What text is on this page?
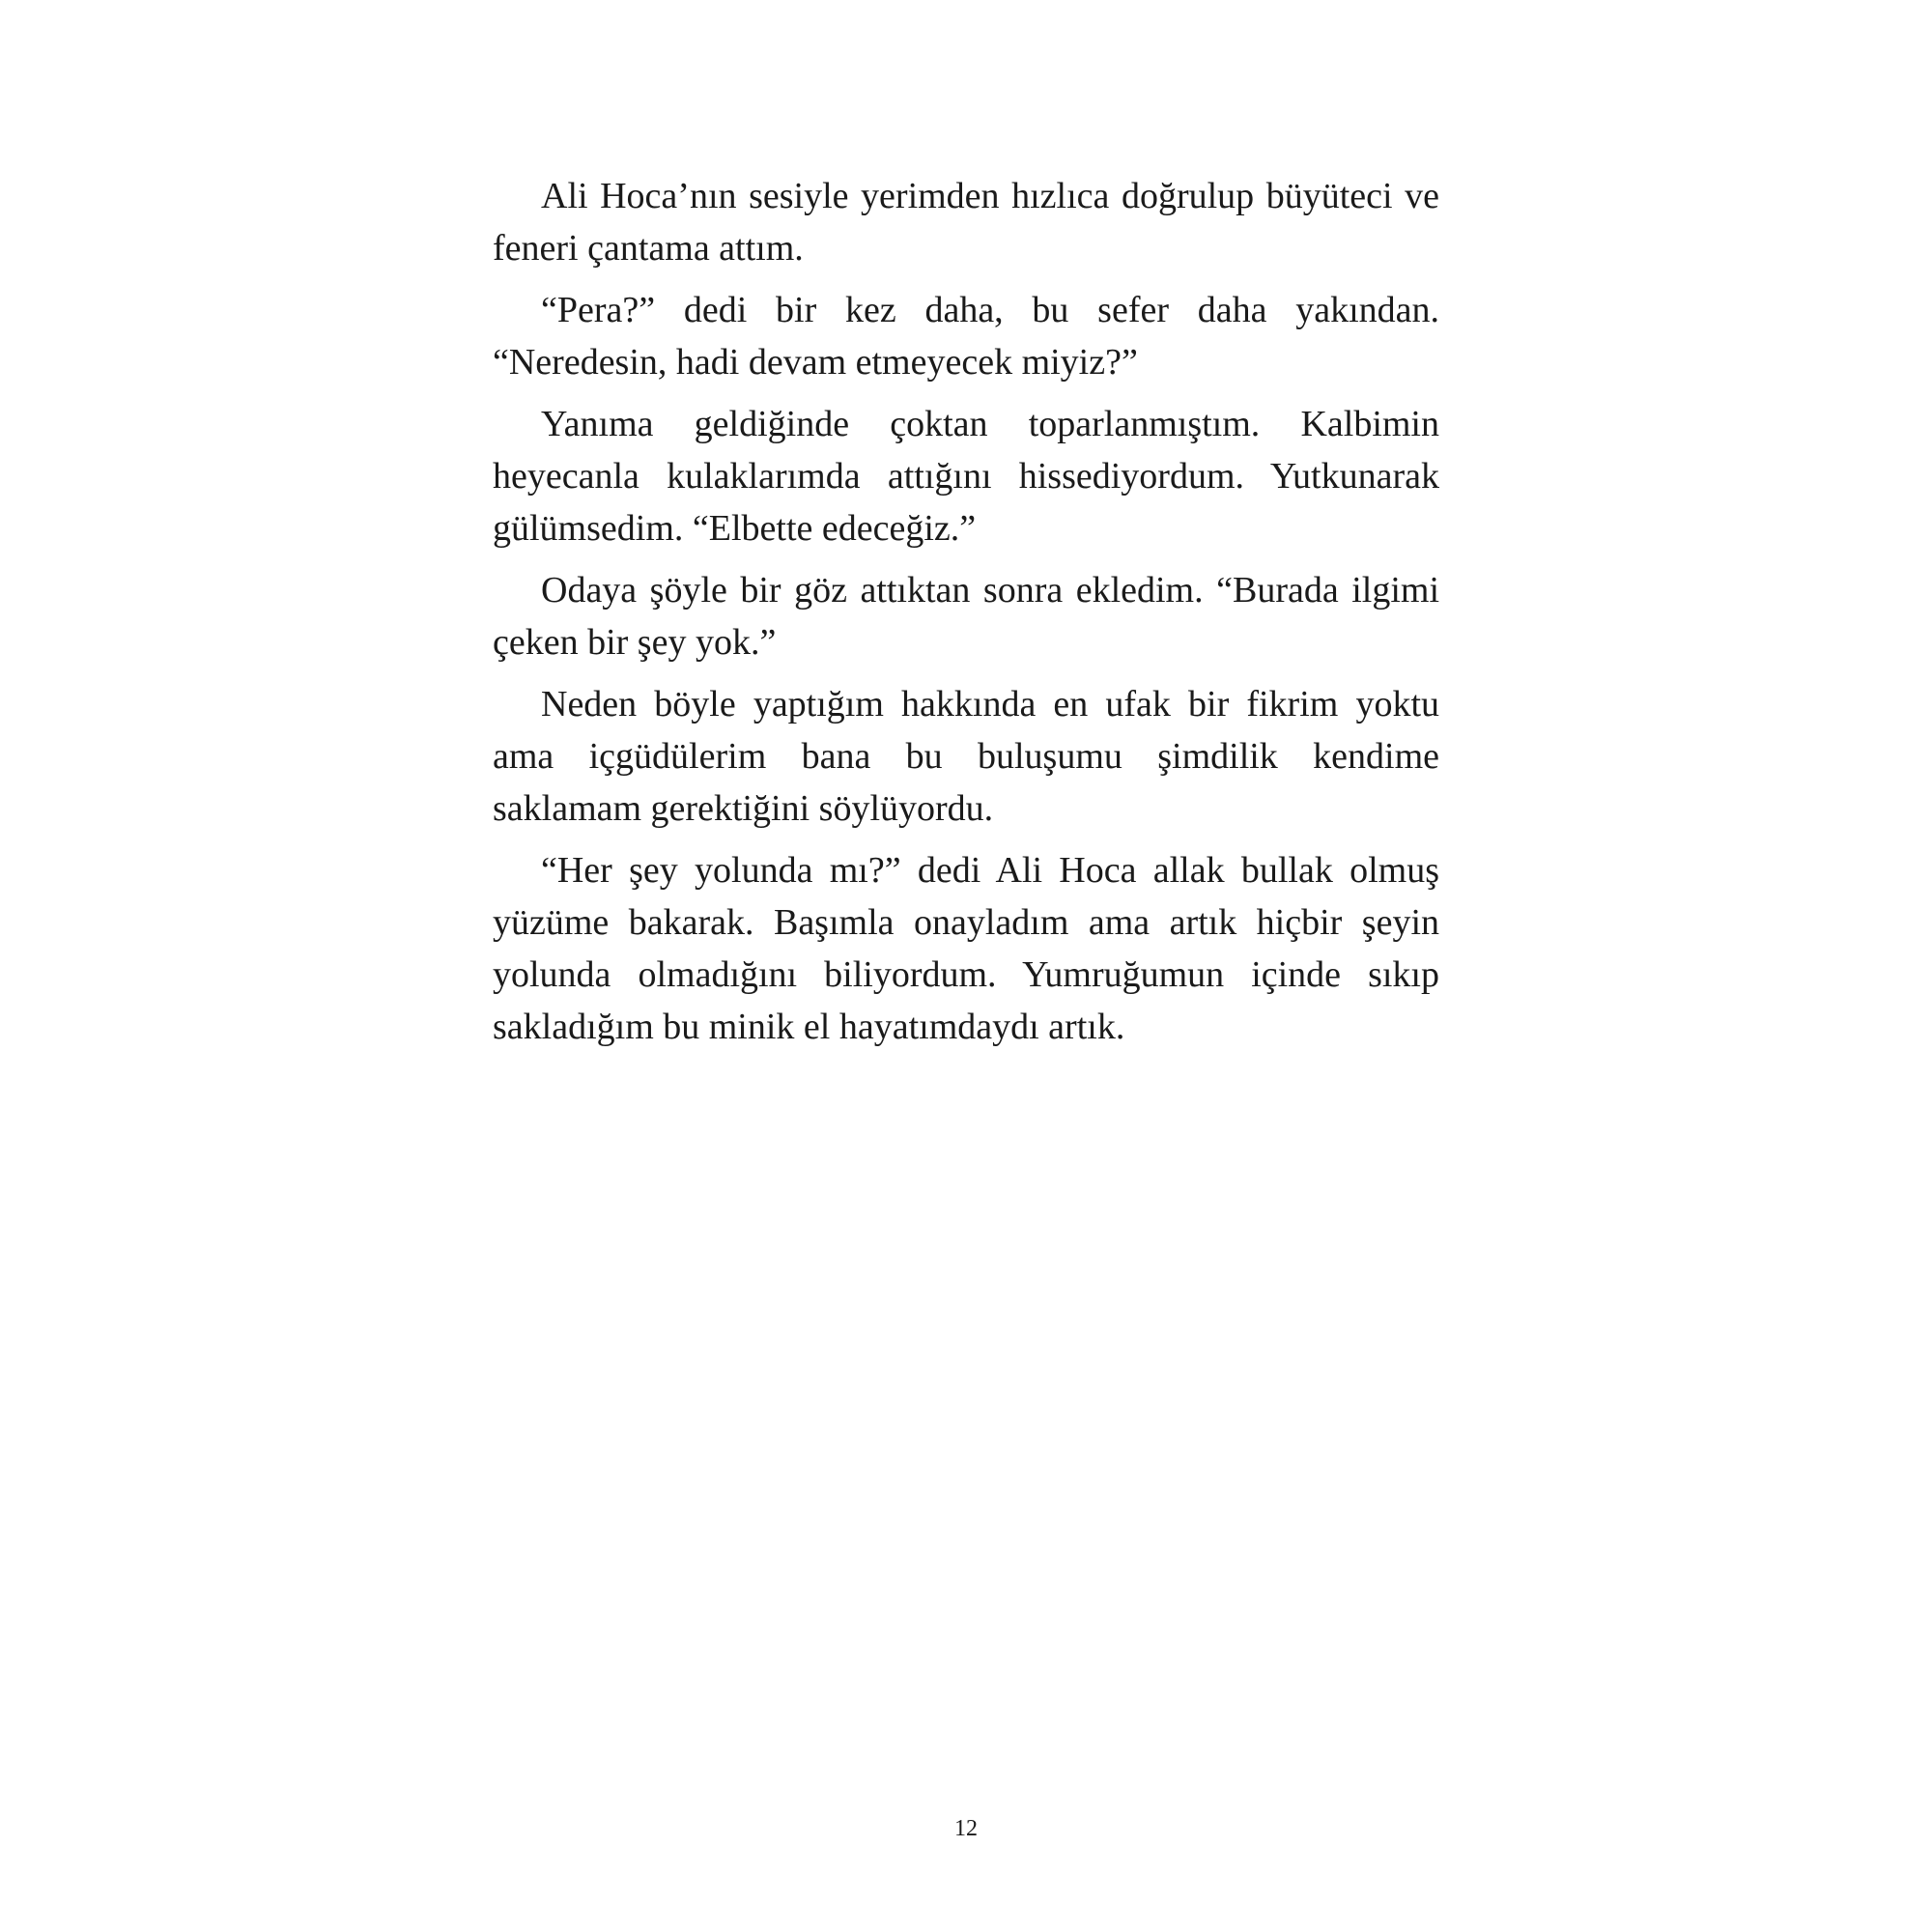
Ali Hoca’nın sesiyle yerimden hızlıca doğrulup büyüteci ve feneri çantama attım.

“Pera?” dedi bir kez daha, bu sefer daha yakından. “Neredesin, hadi devam etmeyecek miyiz?”

Yanıma geldiğinde çoktan toparlanmıştım. Kalbimin heyecanla kulaklarımda attığını hissediyordum. Yutkunarak gülümsedim. “Elbette edeceğiz.”

Odaya şöyle bir göz attıktan sonra ekledim. “Burada ilgimi çeken bir şey yok.”

Neden böyle yaptığım hakkında en ufak bir fikrim yoktu ama içgüdülerim bana bu buluşumu şimdilik kendime saklamam gerektiğini söylüyordu.

“Her şey yolunda mı?” dedi Ali Hoca allak bullak olmuş yüzüme bakarak. Başımla onayladım ama artık hiçbir şeyin yolunda olmadığını biliyordum. Yumruğumun içinde sıkıp sakladığım bu minik el hayatımdaydı artık.

12
